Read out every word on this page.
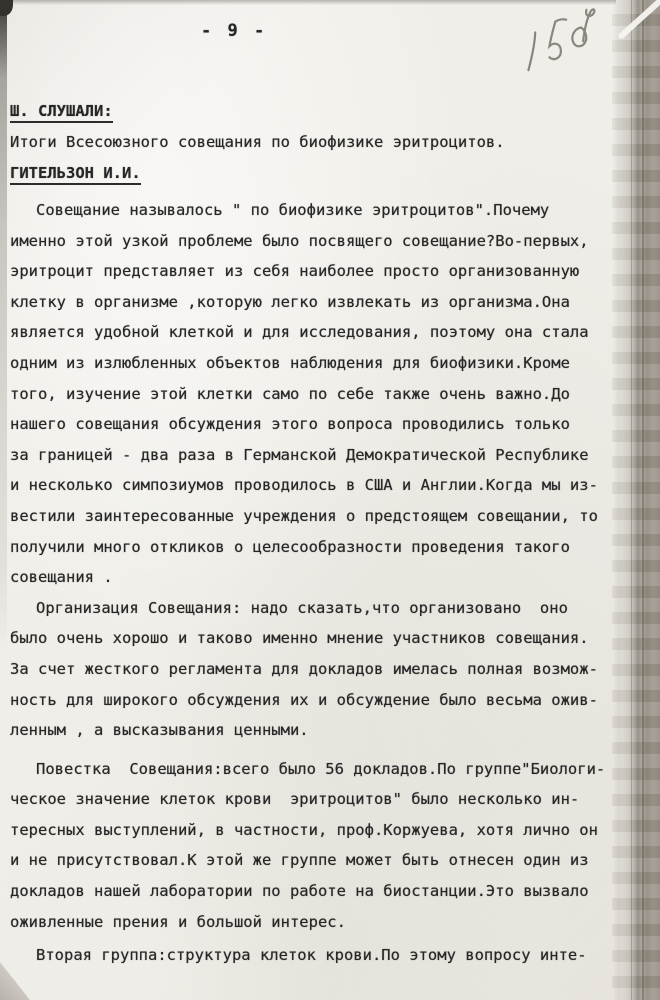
- 9 -
Ш. СЛУШАЛИ:
Итоги Всесоюзного совещания по биофизике эритроцитов.
ГИТЕЛЬЗОН И.И.
Совещание называлось " по биофизике эритроцитов".Почему
именно этой узкой проблеме было посвящего совещание?Во-первых,
эритроцит представляет из себя наиболее просто организованную
клетку в организме ,которую легко извлекать из организма.Она
является удобной клеткой и для исследования, поэтому она стала
одним из излюбленных объектов наблюдения для биофизики.Кроме
того, изучение этой клетки само по себе также очень важно.До
нашего совещания обсуждения этого вопроса проводились только
за границей - два раза в Германской Демократической Республике
и несколько симпозиумов проводилось в США и Англии.Когда мы из-
вестили заинтересованные учреждения о предстоящем совещании, то
получили много откликов о целесообразности проведения такого
совещания .
Организация Совещания: надо сказать,что организовано  оно
было очень хорошо и таково именно мнение участников совещания.
За счет жесткого регламента для докладов имелась полная возмож-
ность для широкого обсуждения их и обсуждение было весьма ожив-
ленным , а высказывания ценными.
Повестка  Совещания:всего было 56 докладов.По группе"Биологи-
ческое значение клеток крови  эритроцитов" было несколько ин-
тересных выступлений, в частности, проф.Коржуева, хотя лично он
и не присутствовал.К этой же группе может быть отнесен один из
докладов нашей лаборатории по работе на биостанции.Это вызвало
оживленные прения и большой интерес.
Вторая группа:структура клеток крови.По этому вопросу инте-
